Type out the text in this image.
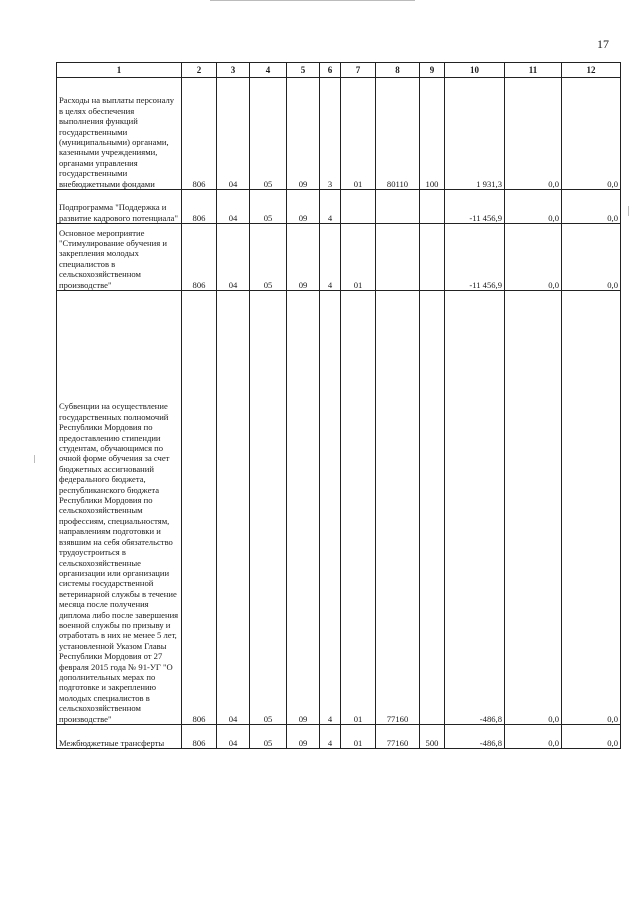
17
1	2	3	4	5	6	7	8	9	10	11	12
Расходы на выплаты персоналу в целях обеспечения выполнения функций государственными (муниципальными) органами, казенными учреждениями, органами управления государственными внебюджетными фондами	806	04	05	09	3	01	80110	100	1 931,3	0,0	0,0
Подпрограмма "Поддержка и развитие кадрового потенциала"	806	04	05	09	4				-11 456,9	0,0	0,0
Основное мероприятие "Стимулирование обучения и закрепления молодых специалистов в сельскохозяйственном производстве"	806	04	05	09	4	01			-11 456,9	0,0	0,0
Субвенции на осуществление государственных полномочий Республики Мордовия по предоставлению стипендии студентам, обучающимся по очной форме обучения за счет бюджетных ассигнований федерального бюджета, республиканского бюджета Республики Мордовия по сельскохозяйственным профессиям, специальностям, направлениям подготовки и взявшим на себя обязательство трудоустроиться в сельскохозяйственные организации или организации системы государственной ветеринарной службы в течение месяца после получения диплома либо после завершения военной службы по призыву и отработать в них не менее 5 лет, установленной Указом Главы Республики Мордовия от 27 февраля 2015 года № 91-УГ "О дополнительных мерах по подготовке и закреплению молодых специалистов в сельскохозяйственном производстве"	806	04	05	09	4	01	77160		-486,8	0,0	0,0
Межбюджетные трансферты	806	04	05	09	4	01	77160	500	-486,8	0,0	0,0
